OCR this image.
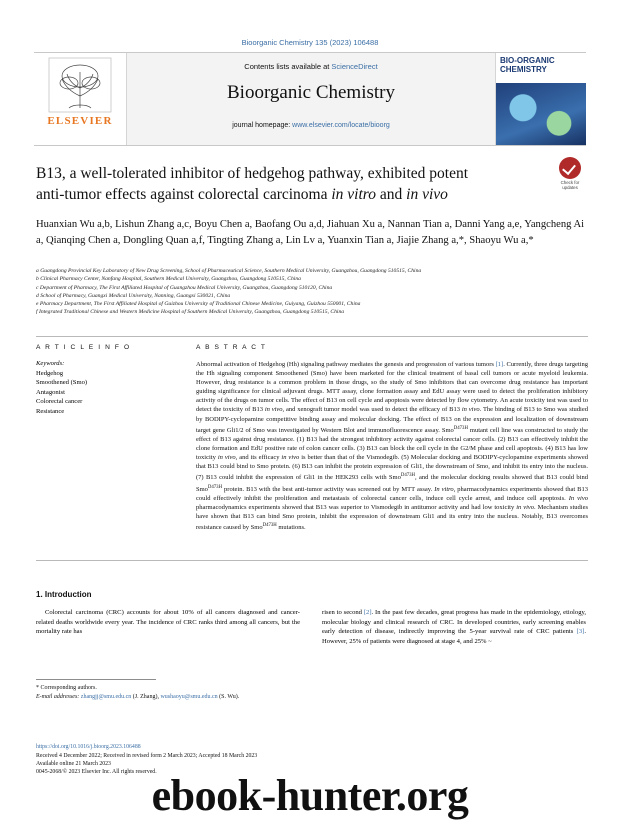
Bioorganic Chemistry 135 (2023) 106488
ELSEVIER
Contents lists available at ScienceDirect
Bioorganic Chemistry
journal homepage: www.elsevier.com/locate/bioorg
BIO-ORGANIC CHEMISTRY
Check for updates
B13, a well-tolerated inhibitor of hedgehog pathway, exhibited potent
anti-tumor effects against colorectal carcinoma in vitro and in vivo
Huanxian Wu a,b, Lishun Zhang a,c, Boyu Chen a, Baofang Ou a,d, Jiahuan Xu a, Nannan Tian a, Danni Yang a,e, Yangcheng Ai a, Qianqing Chen a, Dongling Quan a,f, Tingting Zhang a, Lin Lv a, Yuanxin Tian a, Jiajie Zhang a,*, Shaoyu Wu a,*
a Guangdong Provincial Key Laboratory of New Drug Screening, School of Pharmaceutical Science, Southern Medical University, Guangzhou, Guangdong 510515, China
b Clinical Pharmacy Center, Nanfang Hospital, Southern Medical University, Guangzhou, Guangdong 510515, China
c Department of Pharmacy, The First Affiliated Hospital of Guangzhou Medical University, Guangzhou, Guangdong 510120, China
d School of Pharmacy, Guangxi Medical University, Nanning, Guangxi 530021, China
e Pharmacy Department, The First Affiliated Hospital of Guizhou University of Traditional Chinese Medicine, Guiyang, Guizhou 550001, China
f Integrated Traditional Chinese and Western Medicine Hospital of Southern Medical University, Guangzhou, Guangdong 510515, China
A R T I C L E I N F O
Keywords:
Hedgehog
Smoothened (Smo)
Antagonist
Colorectal cancer
Resistance
A B S T R A C T
Abnormal activation of Hedgehog (Hh) signaling pathway mediates the genesis and progression of various tumors [1]. Currently, three drugs targeting the Hh signaling component Smoothened (Smo) have been marketed for the clinical treatment of basal cell tumors or acute myeloid leukemia. However, drug resistance is a common problem in those drugs, so the study of Smo inhibitors that can overcome drug resistance has important guiding significance for clinical adjuvant drugs. MTT assay, clone formation assay and EdU assay were used to detect the proliferation inhibitory activity of the drugs on tumor cells. The effect of B13 on cell cycle and apoptosis were detected by flow cytometry. An acute toxicity test was used to detect the toxicity of B13 in vivo, and xenograft tumor model was used to detect the efficacy of B13 in vivo. The binding of B13 to Smo was studied by BODIPY-cyclopamine competitive binding assay and molecular docking. The effect of B13 on the expression and localization of downstream target gene Gli1/2 of Smo was investigated by Western Blot and immunofluorescence assay. Smo$^{D473H}$ mutant cell line was constructed to study the effect of B13 against drug resistance. (1) B13 had the strongest inhibitory activity against colorectal cancer cells. (2) B13 can effectively inhibit the clone formation and EdU positive rate of colon cancer cells. (3) B13 can block the cell cycle in the G2/M phase and cell apoptosis. (4) B13 has low toxicity in vivo, and its efficacy in vivo is better than that of the Vismodegib. (5) Molecular docking and BODIPY-cyclopamine experiments showed that B13 could bind to Smo protein. (6) B13 can inhibit the protein expression of Gli1, the downstream of Smo, and inhibit its entry into the nucleus. (7) B13 could inhibit the expression of Gli1 in the HEK293 cells with Smo$^{D473H}$, and the molecular docking results showed that B13 could bind Smo$^{D473H}$ protein. B13 with the best anti-tumor activity was screened out by MTT assay. In vitro, pharmacodynamics experiments showed that B13 could effectively inhibit the proliferation and metastasis of colorectal cancer cells, induce cell cycle arrest, and induce cell apoptosis. In vivo pharmacodynamics experiments showed that B13 was superior to Vismodegib in antitumor activity and had low toxicity in vivo. Mechanism studies have shown that B13 can bind Smo protein, inhibit the expression of downstream Gli1 and its entry into the nucleus. Notably, B13 overcomes resistance caused by Smo$^{D473H}$ mutations.
1. Introduction
Colorectal carcinoma (CRC) accounts for about 10% of all cancers diagnosed and cancer-related deaths worldwide every year. The incidence of CRC ranks third among all cancers, but the mortality rate has
risen to second [2]. In the past few decades, great progress has made in the epidemiology, etiology, molecular biology and clinical research of CRC. In developed countries, early screening enables early detection of disease, indirectly improving the 5-year survival rate of CRC patients [3]. However, 25% of patients were diagnosed at stage 4, and 25% ~
* Corresponding authors.
E-mail addresses: zhangjj@smu.edu.cn (J. Zhang), wushaoyu@smu.edu.cn (S. Wu).
https://doi.org/10.1016/j.bioorg.2023.106488
Received 4 December 2022; Received in revised form 2 March 2023; Accepted 18 March 2023
Available online 21 March 2023
0045-2068/© 2023 Elsevier Inc. All rights reserved.
ebook-hunter.org
